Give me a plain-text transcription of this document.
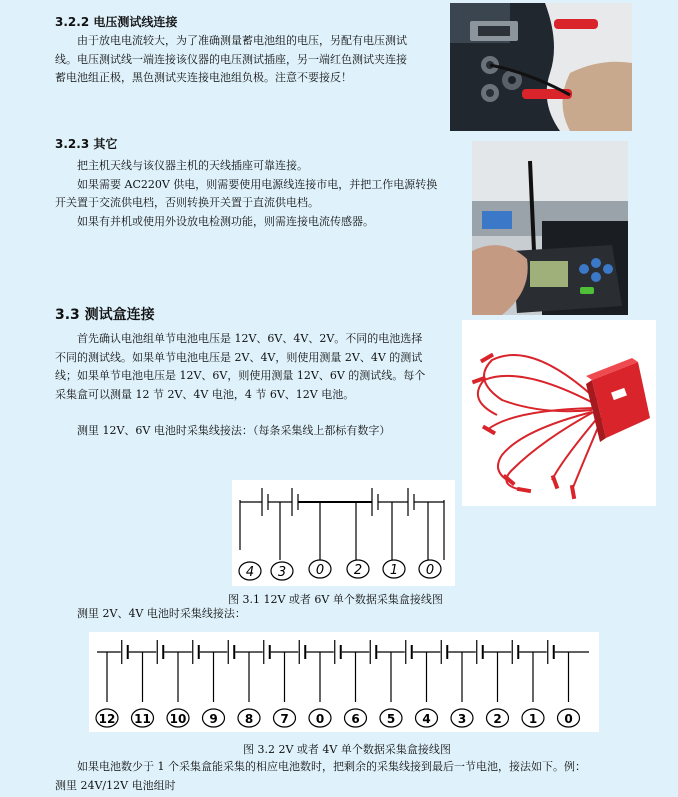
3.2.2 电压测试线连接
由于放电电流较大，为了准确测量蓄电池组的电压，另配有电压测试
线。电压测试线一端连接该仪器的电压测试插座，另一端红色测试夹连接
蓄电池组正极，黑色测试夹连接电池组负极。注意不要接反！
3.2.3 其它
把主机天线与该仪器主机的天线插座可靠连接。
如果需要 AC220V 供电，则需要使用电源线连接市电，并把工作电源转换
开关置于交流供电档，否则转换开关置于直流供电档。
如果有并机或使用外设放电检测功能，则需连接电流传感器。
3.3 测试盒连接
首先确认电池组单节电池电压是 12V、6V、4V、2V。不同的电池选择
不同的测试线。如果单节电池电压是 2V、4V，则使用测量 2V、4V 的测试
线；如果单节电池电压是 12V、6V，则使用测量 12V、6V 的测试线。每个
采集盒可以测量 12 节 2V、4V 电池，4 节 6V、12V 电池。
测里 12V、6V 电池时采集线接法：（每条采集线上都标有数字）
4 3 0 2 1 0
图 3.1 12V 或者 6V 单个数据采集盒接线图
测里 2V、4V 电池时采集线接法：
12 11 10 9 8 7 0 6 5 4 3 2 1 0
图 3.2 2V 或者 4V 单个数据采集盒接线图
如果电池数少于 1 个采集盒能采集的相应电池数时，把剩余的采集线接到最后一节电池，接法如下。例：
测里 24V/12V 电池组时
